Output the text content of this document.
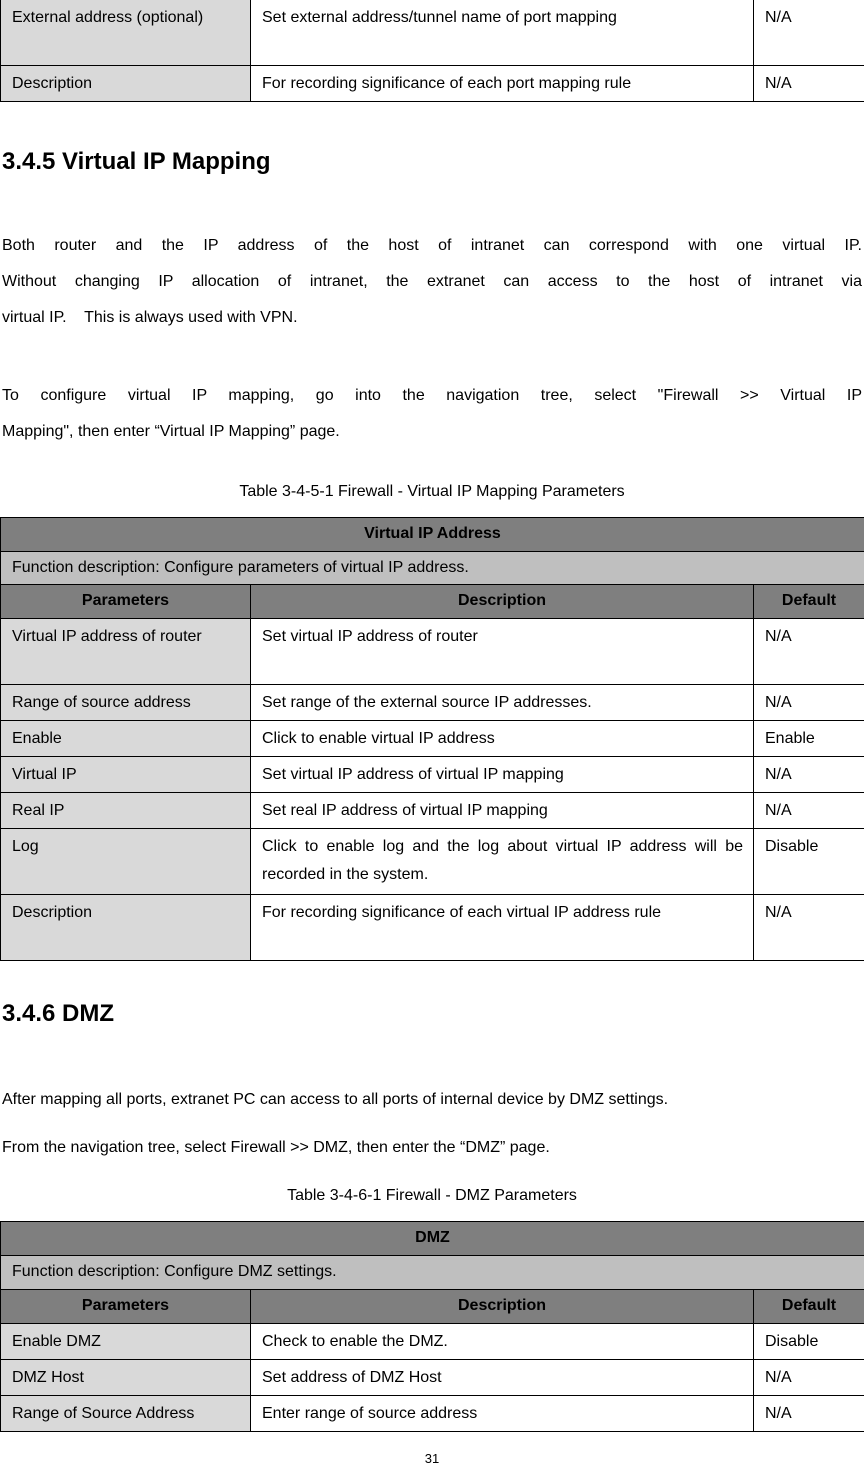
External address (optional)	Set external address/tunnel name of port mapping	N/A
Description	For recording significance of each port mapping rule	N/A
3.4.5 Virtual IP Mapping
Both router and the IP address of the host of intranet can correspond with one virtual IP.
Without changing IP allocation of intranet, the extranet can access to the host of intranet via
virtual IP.    This is always used with VPN.
To configure virtual IP mapping, go into the navigation tree, select "Firewall >> Virtual IP
Mapping", then enter “Virtual IP Mapping” page.
Table 3-4-5-1 Firewall - Virtual IP Mapping Parameters
Virtual IP Address		
Function description: Configure parameters of virtual IP address.		
Parameters	Description	Default
Virtual IP address of router	Set virtual IP address of router	N/A
Range of source address	Set range of the external source IP addresses.	N/A
Enable	Click to enable virtual IP address	Enable
Virtual IP	Set virtual IP address of virtual IP mapping	N/A
Real IP	Set real IP address of virtual IP mapping	N/A
Log	Click to enable log and the log about virtual IP address will be recorded in the system.	Disable
Description	For recording significance of each virtual IP address rule	N/A
3.4.6 DMZ
After mapping all ports, extranet PC can access to all ports of internal device by DMZ settings.
From the navigation tree, select Firewall >> DMZ, then enter the “DMZ” page.
Table 3-4-6-1 Firewall - DMZ Parameters
DMZ		
Function description: Configure DMZ settings.		
Parameters	Description	Default
Enable DMZ	Check to enable the DMZ.	Disable
DMZ Host	Set address of DMZ Host	N/A
Range of Source Address	Enter range of source address	N/A
31
